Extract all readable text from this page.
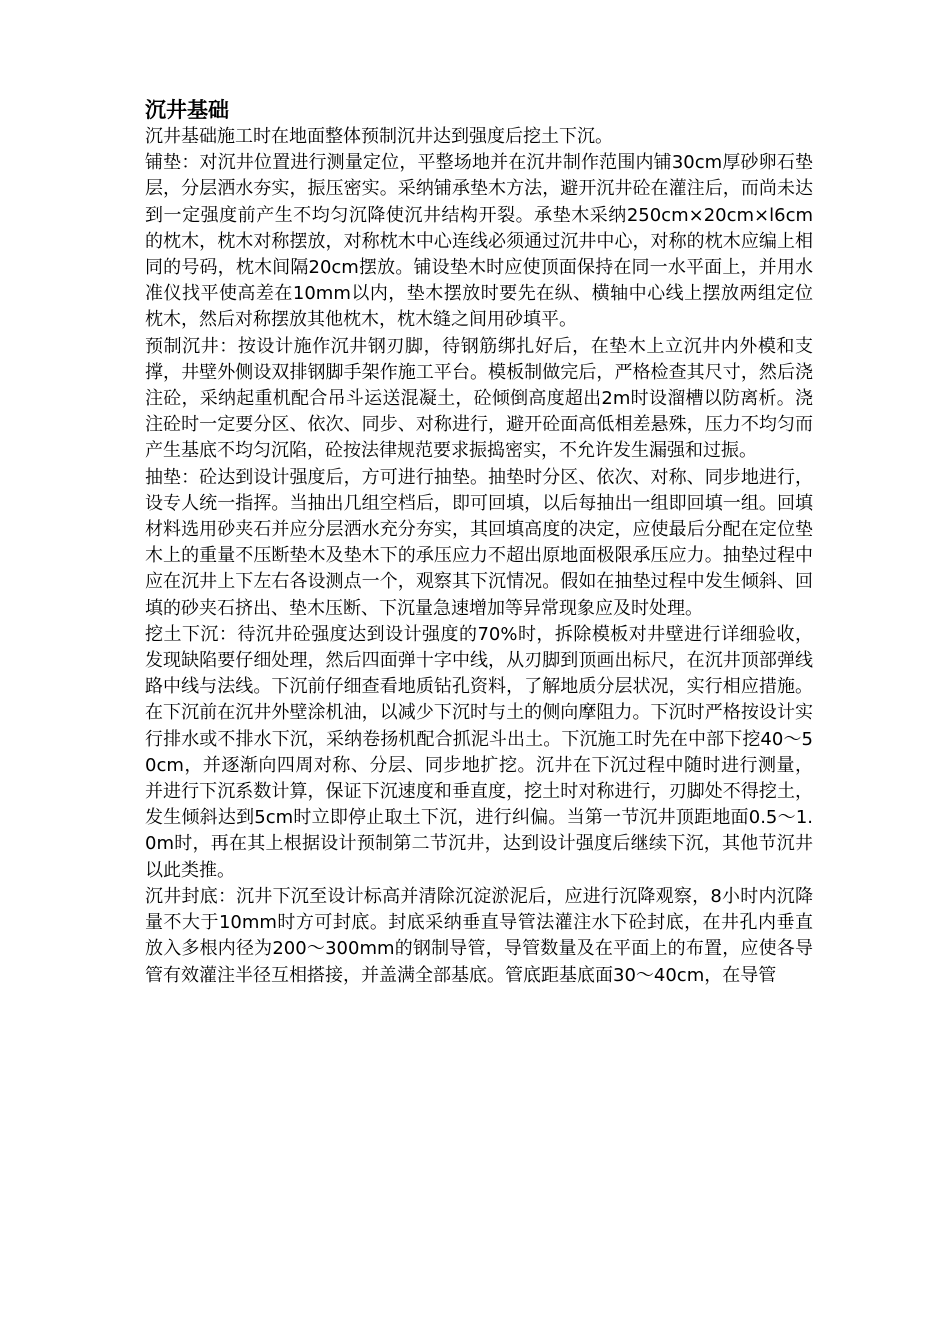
沉井基础

沉井基础施工时在地面整体预制沉井达到强度后挖土下沉。

铺垫：对沉井位置进行测量定位，平整场地并在沉井制作范围内铺30cm厚砂卵石垫层，分层洒水夯实，振压密实。采纳铺承垫木方法，避开沉井砼在灌注后，而尚未达到一定强度前产生不均匀沉降使沉井结构开裂。承垫木采纳250cm×20cm×l6cm的枕木，枕木对称摆放，对称枕木中心连线必须通过沉井中心，对称的枕木应编上相同的号码，枕木间隔20cm摆放。铺设垫木时应使顶面保持在同一水平面上，并用水准仪找平使高差在10mm以内，垫木摆放时要先在纵、横轴中心线上摆放两组定位枕木，然后对称摆放其他枕木，枕木缝之间用砂填平。

预制沉井：按设计施作沉井钢刃脚，待钢筋绑扎好后，在垫木上立沉井内外模和支撑，井壁外侧设双排钢脚手架作施工平台。模板制做完后，严格检查其尺寸，然后浇注砼，采纳起重机配合吊斗运送混凝土，砼倾倒高度超出2m时设溜槽以防离析。浇注砼时一定要分区、依次、同步、对称进行，避开砼面高低相差悬殊，压力不均匀而产生基底不均匀沉陷，砼按法律规范要求振捣密实，不允许发生漏强和过振。

抽垫：砼达到设计强度后，方可进行抽垫。抽垫时分区、依次、对称、同步地进行，设专人统一指挥。当抽出几组空档后，即可回填，以后每抽出一组即回填一组。回填材料选用砂夹石并应分层洒水充分夯实，其回填高度的决定，应使最后分配在定位垫木上的重量不压断垫木及垫木下的承压应力不超出原地面极限承压应力。抽垫过程中应在沉井上下左右各设测点一个，观察其下沉情况。假如在抽垫过程中发生倾斜、回填的砂夹石挤出、垫木压断、下沉量急速增加等异常现象应及时处理。

挖土下沉：待沉井砼强度达到设计强度的70%时，拆除模板对井壁进行详细验收，发现缺陷要仔细处理，然后四面弹十字中线，从刃脚到顶画出标尺，在沉井顶部弹线路中线与法线。下沉前仔细查看地质钻孔资料，了解地质分层状况，实行相应措施。在下沉前在沉井外壁涂机油，以减少下沉时与土的侧向摩阻力。下沉时严格按设计实行排水或不排水下沉，采纳卷扬机配合抓泥斗出土。下沉施工时先在中部下挖40～50cm，并逐渐向四周对称、分层、同步地扩挖。沉井在下沉过程中随时进行测量，并进行下沉系数计算，保证下沉速度和垂直度，挖土时对称进行，刃脚处不得挖土，发生倾斜达到5cm时立即停止取土下沉，进行纠偏。当第一节沉井顶距地面0.5～1.0m时，再在其上根据设计预制第二节沉井，达到设计强度后继续下沉，其他节沉井以此类推。

沉井封底：沉井下沉至设计标高并清除沉淀淤泥后，应进行沉降观察，8小时内沉降量不大于10mm时方可封底。封底采纳垂直导管法灌注水下砼封底，在井孔内垂直放入多根内径为200～300mm的钢制导管，导管数量及在平面上的布置，应使各导管有效灌注半径互相搭接，并盖满全部基底。管底距基底面30～40cm，在导管
